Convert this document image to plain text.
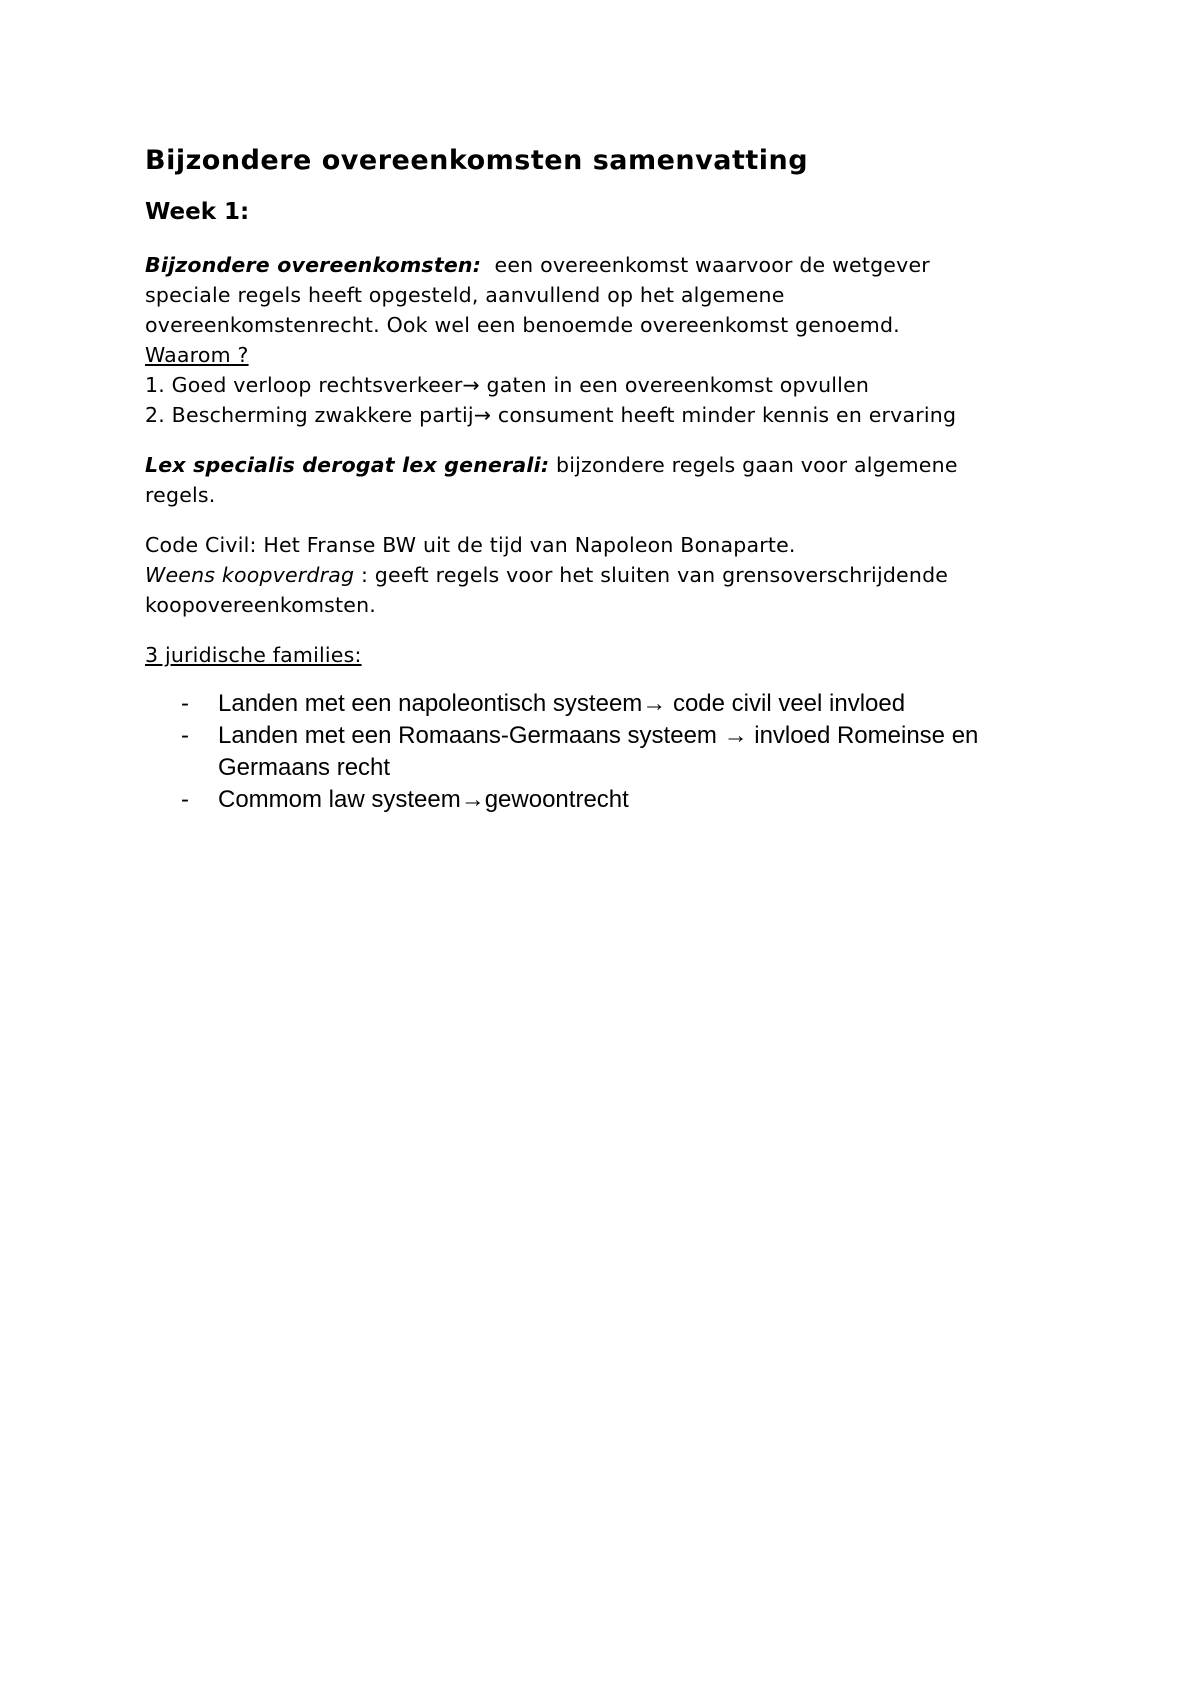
Bijzondere overeenkomsten samenvatting
Week 1:
Bijzondere overeenkomsten:  een overeenkomst waarvoor de wetgever
speciale regels heeft opgesteld, aanvullend op het algemene
overeenkomstenrecht. Ook wel een benoemde overeenkomst genoemd.
Waarom ?
1. Goed verloop rechtsverkeer→ gaten in een overeenkomst opvullen
2. Bescherming zwakkere partij→ consument heeft minder kennis en ervaring
Lex specialis derogat lex generali: bijzondere regels gaan voor algemene regels.
Code Civil: Het Franse BW uit de tijd van Napoleon Bonaparte.
Weens koopverdrag : geeft regels voor het sluiten van grensoverschrijdende koopovereenkomsten.
3 juridische families:
- Landen met een napoleontisch systeem→ code civil veel invloed
- Landen met een Romaans-Germaans systeem → invloed Romeinse en Germaans recht
- Commom law systeem→gewoontrecht
